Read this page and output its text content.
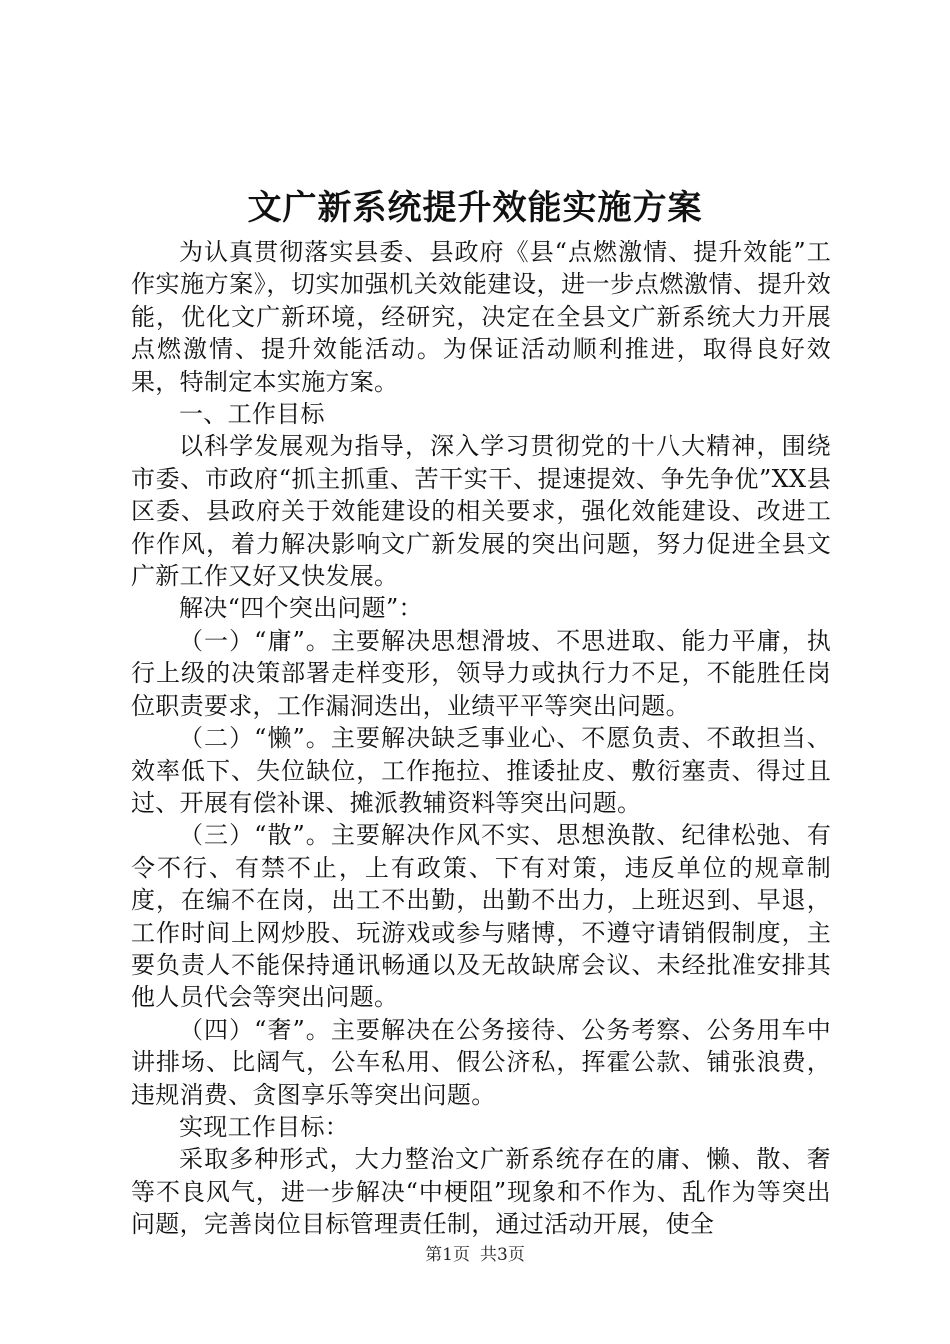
文广新系统提升效能实施方案

为认真贯彻落实县委、县政府《县“点燃激情、提升效能”工作实施方案》，切实加强机关效能建设，进一步点燃激情、提升效能，优化文广新环境，经研究，决定在全县文广新系统大力开展点燃激情、提升效能活动。为保证活动顺利推进，取得良好效果，特制定本实施方案。

一、工作目标

以科学发展观为指导，深入学习贯彻党的十八大精神，围绕市委、市政府“抓主抓重、苦干实干、提速提效、争先争优”XX县区委、县政府关于效能建设的相关要求，强化效能建设、改进工作作风，着力解决影响文广新发展的突出问题，努力促进全县文广新工作又好又快发展。

解决“四个突出问题”：

（一）“庸”。主要解决思想滑坡、不思进取、能力平庸，执行上级的决策部署走样变形，领导力或执行力不足，不能胜任岗位职责要求，工作漏洞迭出，业绩平平等突出问题。

（二）“懒”。主要解决缺乏事业心、不愿负责、不敢担当、效率低下、失位缺位，工作拖拉、推诿扯皮、敷衍塞责、得过且过、开展有偿补课、摊派教辅资料等突出问题。

（三）“散”。主要解决作风不实、思想涣散、纪律松弛、有令不行、有禁不止，上有政策、下有对策，违反单位的规章制度，在编不在岗，出工不出勤，出勤不出力，上班迟到、早退，工作时间上网炒股、玩游戏或参与赌博，不遵守请销假制度，主要负责人不能保持通讯畅通以及无故缺席会议、未经批准安排其他人员代会等突出问题。

（四）“奢”。主要解决在公务接待、公务考察、公务用车中讲排场、比阔气，公车私用、假公济私，挥霍公款、铺张浪费，违规消费、贪图享乐等突出问题。

实现工作目标：

采取多种形式，大力整治文广新系统存在的庸、懒、散、奢等不良风气，进一步解决“中梗阻”现象和不作为、乱作为等突出问题，完善岗位目标管理责任制，通过活动开展，使全

第1页 共3页
